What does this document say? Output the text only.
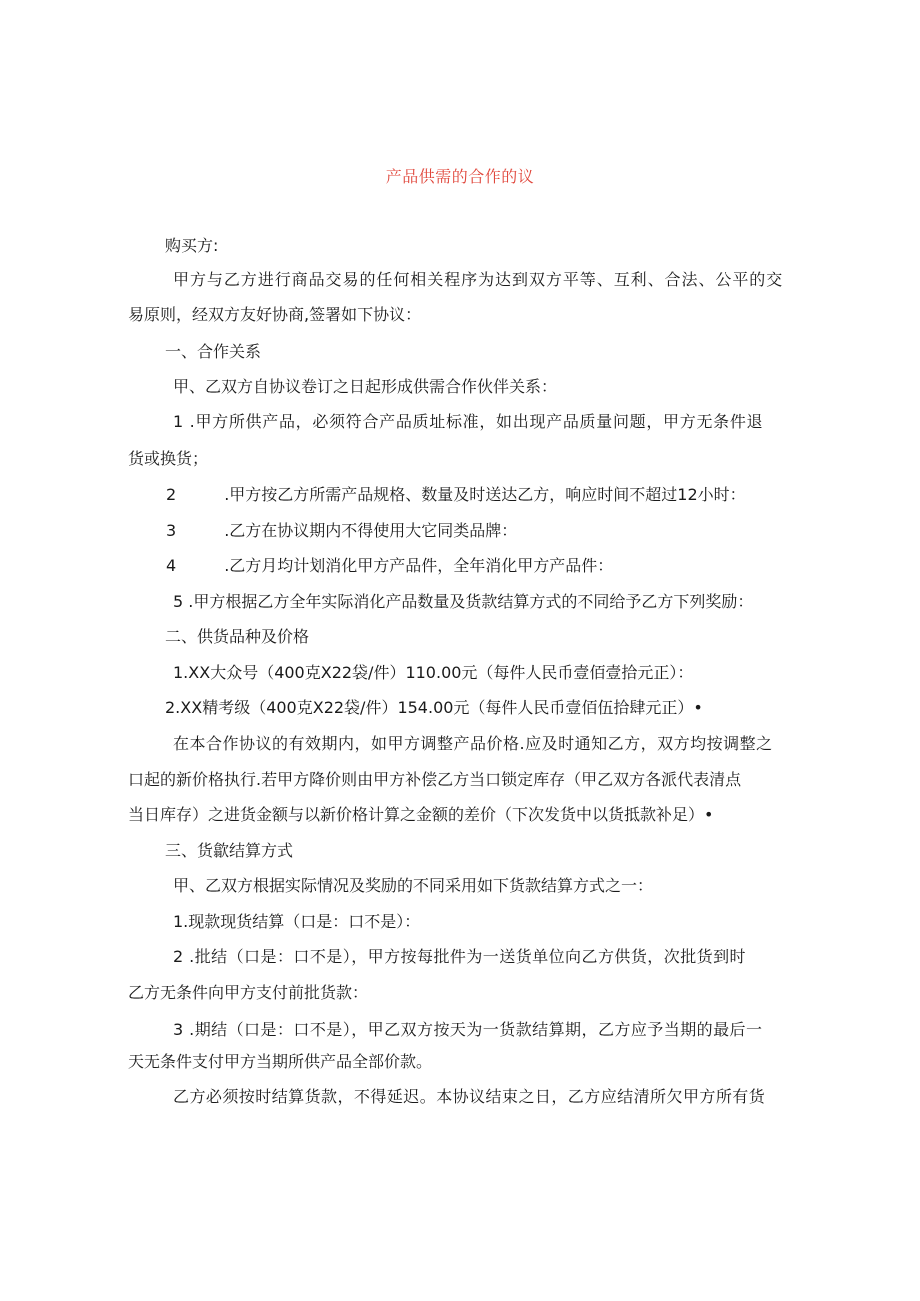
产品供需的合作的议
购买方:
甲方与乙方进行商品交易的任何相关程序为达到双方平等、互利、合法、公平的交
易原则，经双方友好协商,签署如下协议：
一、合作关系
甲、乙双方自协议卷订之日起形成供需合作伙伴关系：
1 .甲方所供产品，必须符合产品质址标准，如出现产品质量问题，甲方无条件退
货或换货；
2	.甲方按乙方所需产品规格、数量及时送达乙方，响应时间不超过12小时：
3	.乙方在协议期内不得使用大它同类品牌：
4	.乙方月均计划消化甲方产品件，全年消化甲方产品件：
5 .甲方根据乙方全年实际消化产品数量及货款结算方式的不同给予乙方下列奖励：
二、供货品种及价格
1.XX大众号（400克X22袋/件）110.00元（每件人民币壹佰壹拾元正）：
2.XX精考级（400克X22袋/件）154.00元（每件人民币壹佰伍拾肆元正）•
在本合作协议的有效期内，如甲方调整产品价格.应及时通知乙方，双方均按调整之
口起的新价格执行.若甲方降价则由甲方补偿乙方当口锁定库存（甲乙双方各派代表清点
当日库存）之进货金额与以新价格计算之金额的差价（下次发货中以货抵款补足）•
三、货歙结算方式
甲、乙双方根据实际情况及奖励的不同采用如下货款结算方式之一：
1.现款现货结算（口是：口不是）：
2 .批结（口是：口不是），甲方按每批件为一送货单位向乙方供货，次批货到时
乙方无条件向甲方支付前批货款：
3 .期结（口是：口不是），甲乙双方按天为一货款结算期，乙方应予当期的最后一
天无条件支付甲方当期所供产品全部价款。
乙方必须按时结算货款，不得延迟。本协议结束之日，乙方应结清所欠甲方所有货
